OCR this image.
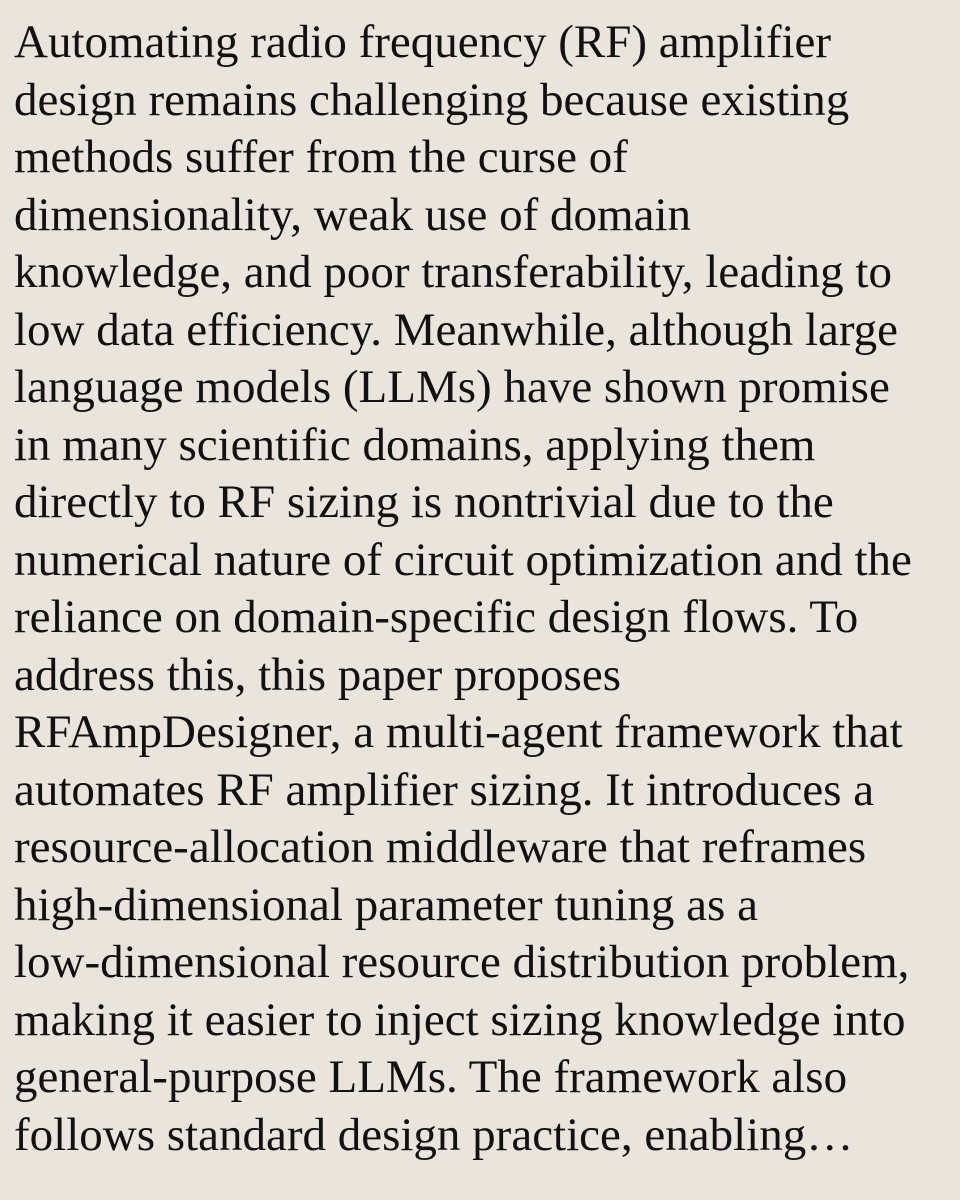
Automating radio frequency (RF) amplifier

design remains challenging because existing

methods suffer from the curse of

dimensionality, weak use of domain

knowledge, and poor transferability, leading to

low data efficiency. Meanwhile, although large

language models (LLMs) have shown promise

in many scientific domains, applying them

directly to RF sizing is nontrivial due to the

numerical nature of circuit optimization and the

reliance on domain-specific design flows. To

address this, this paper proposes

RFAmpDesigner, a multi-agent framework that

automates RF amplifier sizing. It introduces a

resource-allocation middleware that reframes

high-dimensional parameter tuning as a

low-dimensional resource distribution problem,

making it easier to inject sizing knowledge into

general-purpose LLMs. The framework also

follows standard design practice, enabling…
